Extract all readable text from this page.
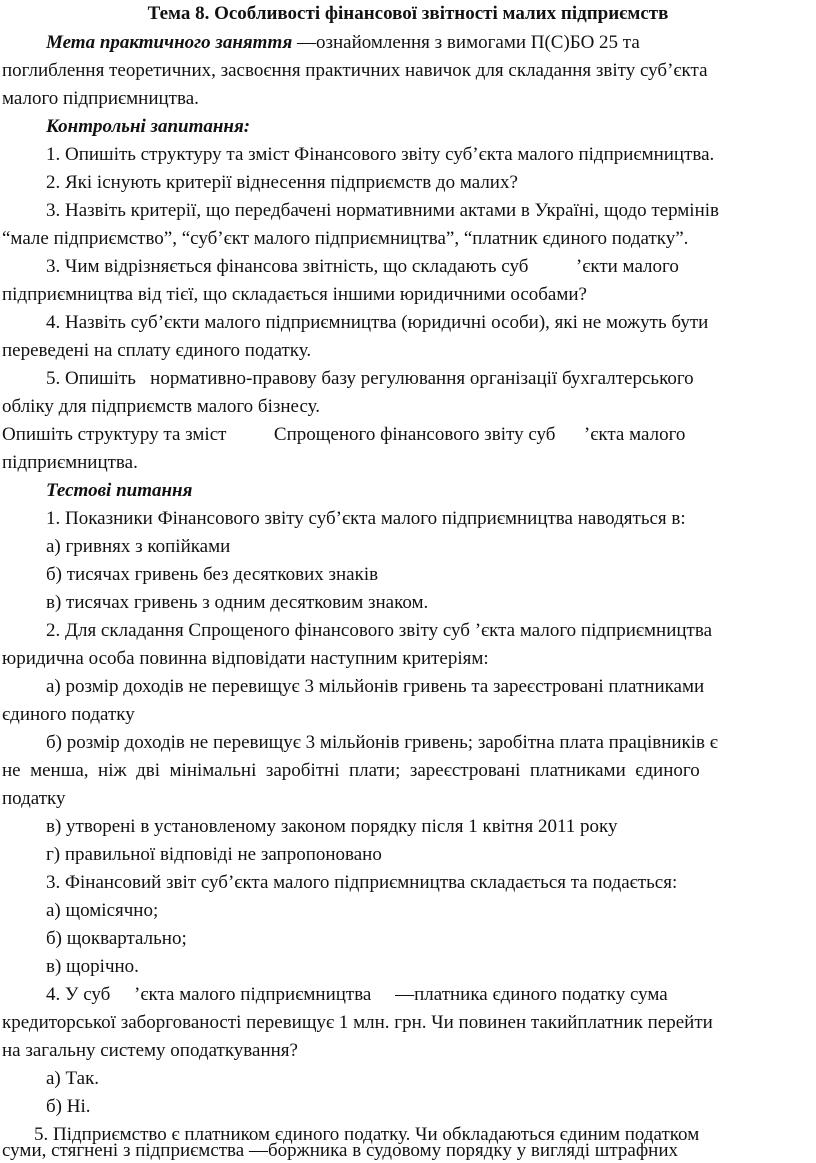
Тема 8. Особливості фінансової звітності малих підприємств
Мета практичного заняття —ознайомлення з вимогами П(С)БО 25 та
поглиблення теоретичних, засвоєння практичних навичок для складання звіту суб’єкта
малого підприємництва.
Контрольні запитання:
1. Опишіть структуру та зміст Фінансового звіту суб’єкта малого підприємництва.
2. Які існують критерії віднесення підприємств до малих?
3. Назвіть критерії, що передбачені нормативними актами в Україні, щодо термінів
“мале підприємство”, “суб’єкт малого підприємництва”, “платник єдиного податку”.
3. Чим відрізняється фінансова звітність, що складають суб          ’єкти малого
підприємництва від тієї, що складається іншими юридичними особами?
4. Назвіть суб’єкти малого підприємництва (юридичні особи), які не можуть бути
переведені на сплату єдиного податку.
5. Опишіть   нормативно-правову базу регулювання організації бухгалтерського
обліку для підприємств малого бізнесу.
Опишіть структуру та зміст          Спрощеного фінансового звіту суб      ’єкта малого
підприємництва.
Тестові питання
1. Показники Фінансового звіту суб’єкта малого підприємництва наводяться в:
а) гривнях з копійками
б) тисячах гривень без десяткових знаків
в) тисячах гривень з одним десятковим знаком.
2. Для складання Спрощеного фінансового звіту суб ’єкта малого підприємництва
юридична особа повинна відповідати наступним критеріям:
а) розмір доходів не перевищує 3 мільйонів гривень та зареєстровані платниками
єдиного податку
б) розмір доходів не перевищує 3 мільйонів гривень; заробітна плата працівників є
не  менша,  ніж  дві  мінімальні  заробітні  плати;  зареєстровані  платниками  єдиного
податку
в) утворені в установленому законом порядку після 1 квітня 2011 року
г) правильної відповіді не запропоновано
3. Фінансовий звіт суб’єкта малого підприємництва складається та подається:
а) щомісячно;
б) щоквартально;
в) щорічно.
4. У суб     ’єкта малого підприємництва     —платника єдиного податку сума
кредиторської заборгованості перевищує 1 млн. грн. Чи повинен такийплатник перейти
на загальну систему оподаткування?
а) Так.
б) Ні.
5. Підприємство є платником єдиного податку. Чи обкладаються єдиним податком
суми, стягнені з підприємства —боржника в судовому порядку у вигляді штрафних
